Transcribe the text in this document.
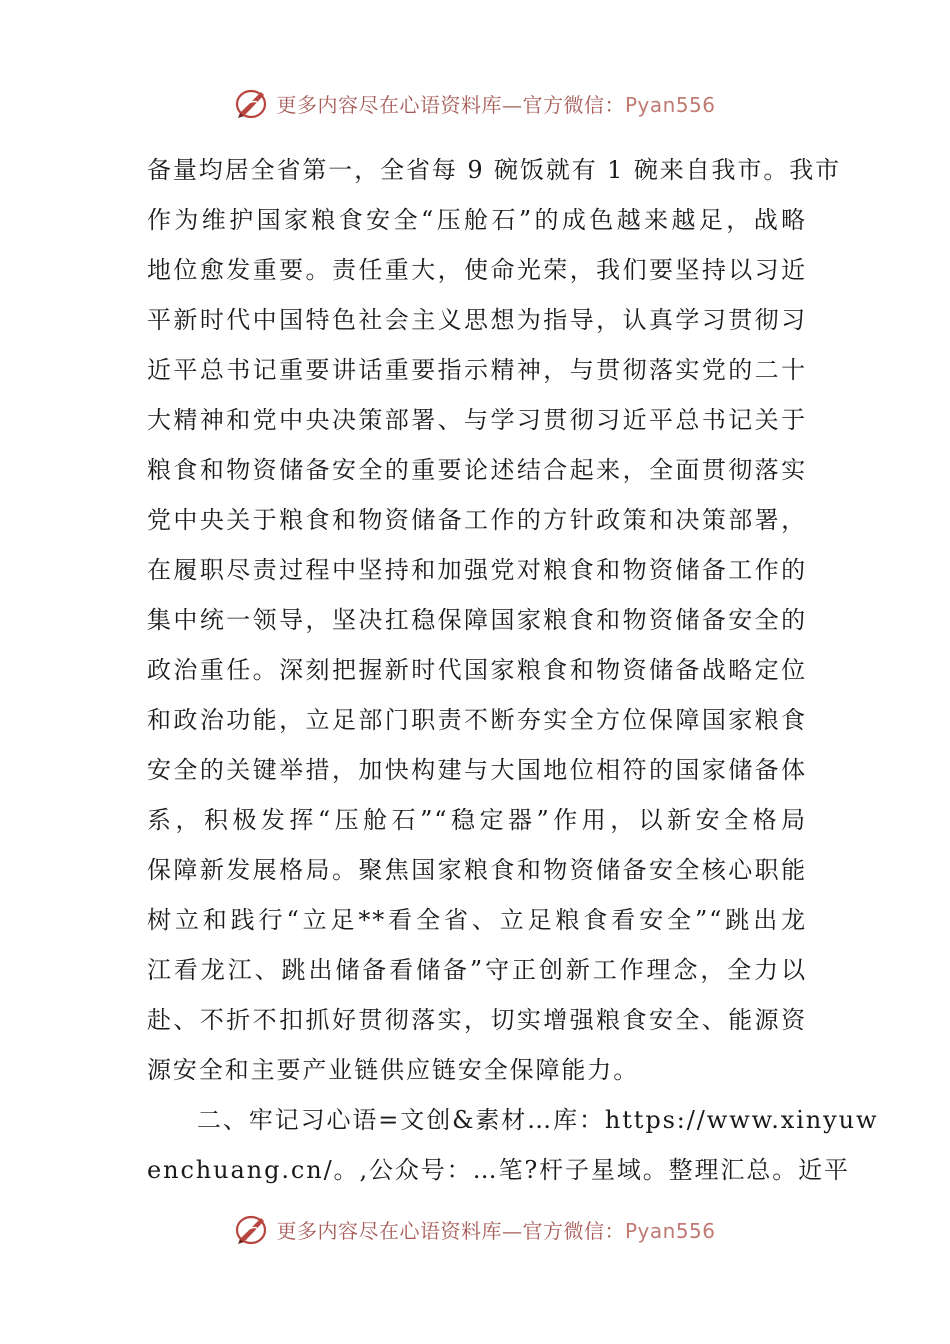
更多内容尽在心语资料库—官方微信：Pyan556
备量均居全省第一，全省每 9 碗饭就有 1 碗来自我市。我市
作为维护国家粮食安全“压舱石”的成色越来越足，战略
地位愈发重要。责任重大，使命光荣，我们要坚持以习近
平新时代中国特色社会主义思想为指导，认真学习贯彻习
近平总书记重要讲话重要指示精神，与贯彻落实党的二十
大精神和党中央决策部署、与学习贯彻习近平总书记关于
粮食和物资储备安全的重要论述结合起来，全面贯彻落实
党中央关于粮食和物资储备工作的方针政策和决策部署，
在履职尽责过程中坚持和加强党对粮食和物资储备工作的
集中统一领导，坚决扛稳保障国家粮食和物资储备安全的
政治重任。深刻把握新时代国家粮食和物资储备战略定位
和政治功能，立足部门职责不断夯实全方位保障国家粮食
安全的关键举措，加快构建与大国地位相符的国家储备体
系，积极发挥“压舱石”“稳定器”作用，以新安全格局
保障新发展格局。聚焦国家粮食和物资储备安全核心职能
树立和践行“立足**看全省、立足粮食看安全”“跳出龙
江看龙江、跳出储备看储备”守正创新工作理念，全力以
赴、不折不扣抓好贯彻落实，切实增强粮食安全、能源资
源安全和主要产业链供应链安全保障能力。
二、牢记习心语=文创&素材…库：https://www.xinyuw
enchuang.cn/。,公众号：…笔?杆子星域。整理汇总。近平
更多内容尽在心语资料库—官方微信：Pyan556
